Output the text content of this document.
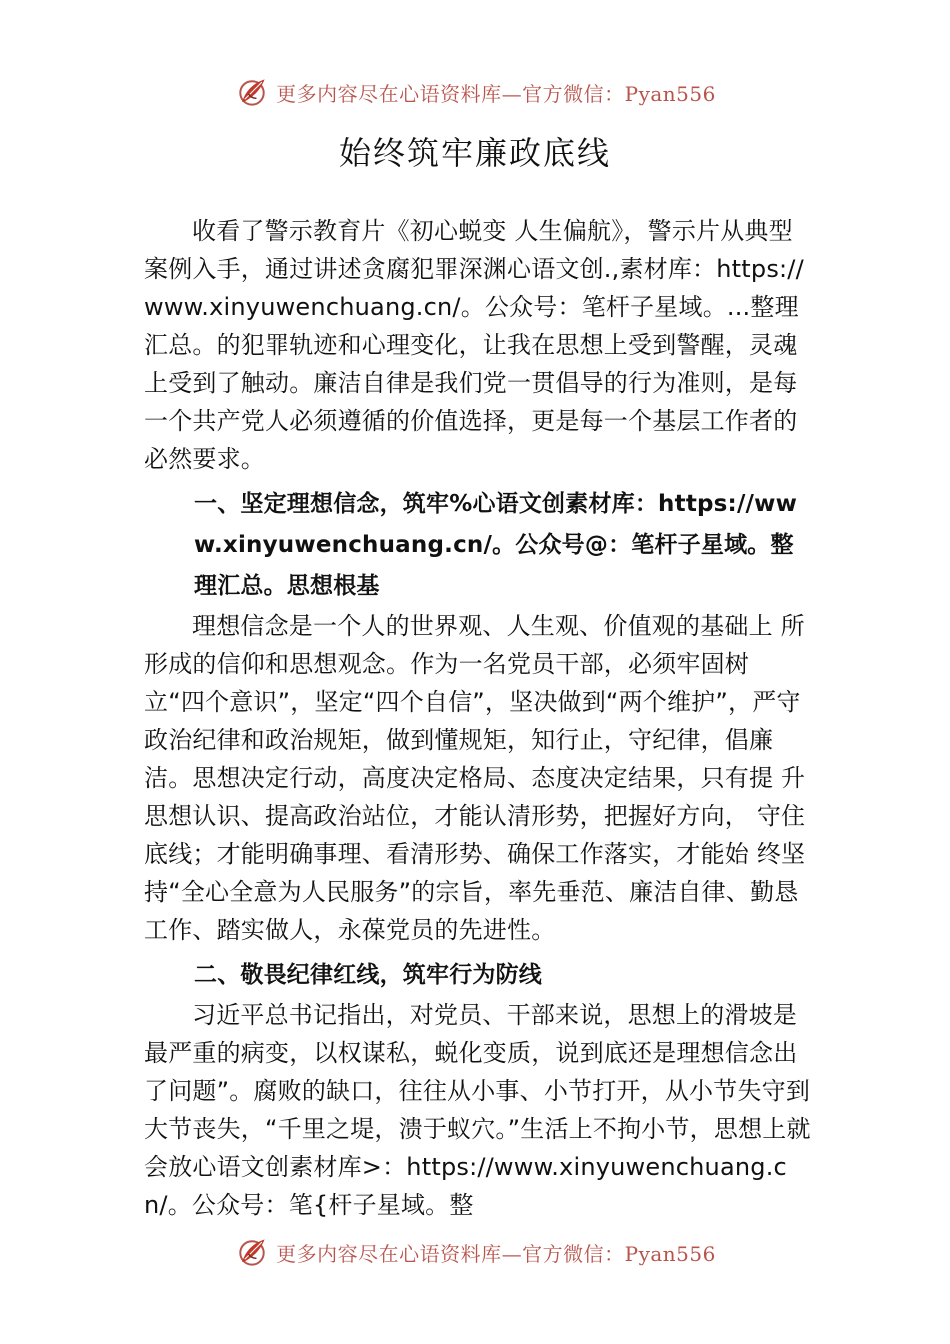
更多内容尽在心语资料库—官方微信：Pyan556
始终筑牢廉政底线

收看了警示教育片《初心蜕变 人生偏航》，警示片从典型案例入手，通过讲述贪腐犯罪深渊心语文创.,素材库：https://www.xinyuwenchuang.cn/。公众号：笔杆子星域。...整理汇总。的犯罪轨迹和心理变化，让我在思想上受到警醒，灵魂上受到了触动。廉洁自律是我们党一贯倡导的行为准则，是每一个共产党人必须遵循的价值选择，更是每一个基层工作者的必然要求。

一、坚定理想信念，筑牢%心语文创素材库：https://www.xinyuwenchuang.cn/。公众号@：笔杆子星域。整理汇总。思想根基

理想信念是一个人的世界观、人生观、价值观的基础上 所形成的信仰和思想观念。作为一名党员干部，必须牢固树 立“四个意识”，坚定“四个自信”，坚决做到“两个维护”，严守 政治纪律和政治规矩，做到懂规矩，知行止，守纪律，倡廉 洁。思想决定行动，高度决定格局、态度决定结果，只有提 升思想认识、提高政治站位，才能认清形势，把握好方向， 守住底线；才能明确事理、看清形势、确保工作落实，才能始 终坚持“全心全意为人民服务”的宗旨，率先垂范、廉洁自律、勤恳工作、踏实做人，永葆党员的先进性。

二、敬畏纪律红线，筑牢行为防线

习近平总书记指出，对党员、干部来说，思想上的滑坡是最严重的病变，以权谋私，蜕化变质，说到底还是理想信念出了问题”。腐败的缺口，往往从小事、小节打开，从小节失守到大节丧失，“千里之堤，溃于蚁穴。”生活上不拘小节，思想上就会放心语文创素材库>：https://www.xinyuwenchuang.cn/。公众号：笔{杆子星域。整

更多内容尽在心语资料库—官方微信：Pyan556
